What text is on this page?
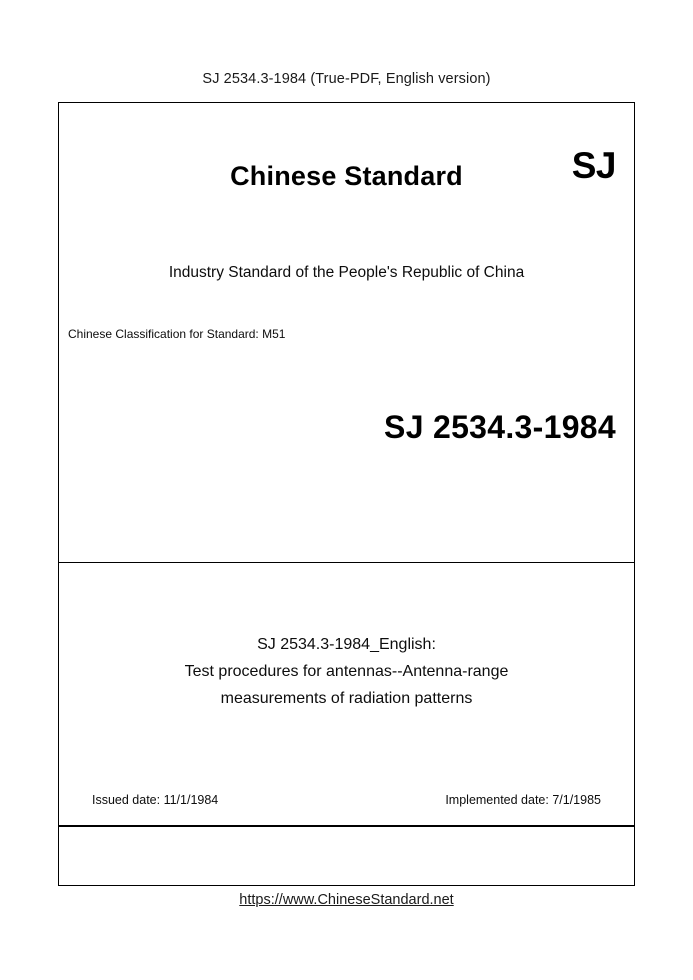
SJ 2534.3-1984 (True-PDF, English version)
Chinese Standard	SJ
Industry Standard of the People's Republic of China
Chinese Classification for Standard: M51
SJ 2534.3-1984
SJ 2534.3-1984_English:
Test procedures for antennas--Antenna-range
measurements of radiation patterns
Issued date: 11/1/1984	Implemented date: 7/1/1985
https://www.ChineseStandard.net
